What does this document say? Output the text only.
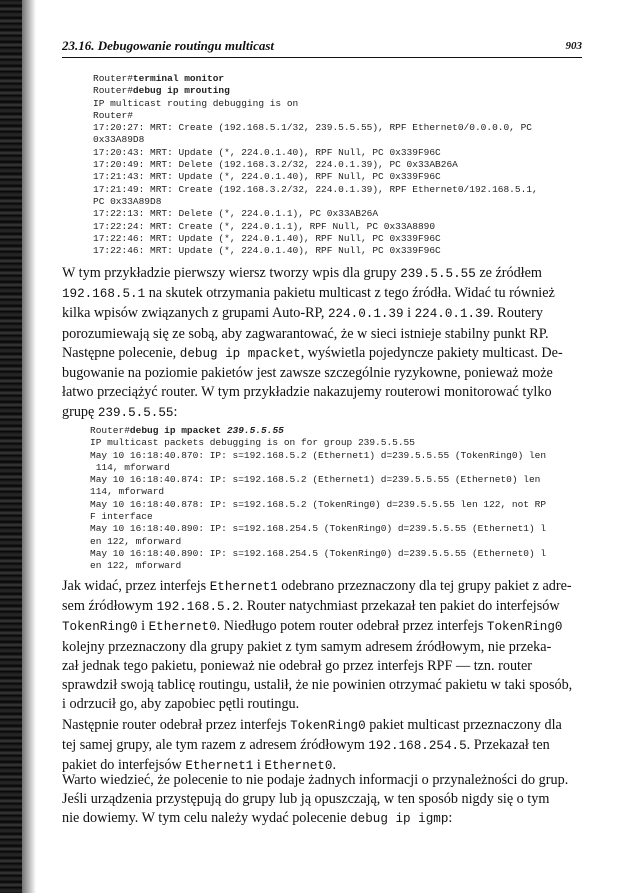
23.16. Debugowanie routingu multicast	903
Router#terminal monitor
Router#debug ip mrouting
IP multicast routing debugging is on
Router#
17:20:27: MRT: Create (192.168.5.1/32, 239.5.5.55), RPF Ethernet0/0.0.0.0, PC
0x33A89D8
17:20:43: MRT: Update (*, 224.0.1.40), RPF Null, PC 0x339F96C
17:20:49: MRT: Delete (192.168.3.2/32, 224.0.1.39), PC 0x33AB26A
17:21:43: MRT: Update (*, 224.0.1.40), RPF Null, PC 0x339F96C
17:21:49: MRT: Create (192.168.3.2/32, 224.0.1.39), RPF Ethernet0/192.168.5.1,
PC 0x33A89D8
17:22:13: MRT: Delete (*, 224.0.1.1), PC 0x33AB26A
17:22:24: MRT: Create (*, 224.0.1.1), RPF Null, PC 0x33A8890
17:22:46: MRT: Update (*, 224.0.1.40), RPF Null, PC 0x339F96C
17:22:46: MRT: Update (*, 224.0.1.40), RPF Null, PC 0x339F96C
W tym przykładzie pierwszy wiersz tworzy wpis dla grupy 239.5.5.55 ze źródłem
192.168.5.1 na skutek otrzymania pakietu multicast z tego źródła. Widać tu również
kilka wpisów związanych z grupami Auto-RP, 224.0.1.39 i 224.0.1.39. Routery
porozumiewają się ze sobą, aby zagwarantować, że w sieci istnieje stabilny punkt RP.
Następne polecenie, debug ip mpacket, wyświetla pojedyncze pakiety multicast. De-
bugowanie na poziomie pakietów jest zawsze szczególnie ryzykowne, ponieważ może
łatwo przeciążyć router. W tym przykładzie nakazujemy routerowi monitorować tylko
grupę 239.5.5.55:
Router#debug ip mpacket 239.5.5.55
IP multicast packets debugging is on for group 239.5.5.55
May 10 16:18:40.870: IP: s=192.168.5.2 (Ethernet1) d=239.5.5.55 (TokenRing0) len
114, mforward
May 10 16:18:40.874: IP: s=192.168.5.2 (Ethernet1) d=239.5.5.55 (Ethernet0) len
114, mforward
May 10 16:18:40.878: IP: s=192.168.5.2 (TokenRing0) d=239.5.5.55 len 122, not RP
F interface
May 10 16:18:40.890: IP: s=192.168.254.5 (TokenRing0) d=239.5.5.55 (Ethernet1) l
en 122, mforward
May 10 16:18:40.890: IP: s=192.168.254.5 (TokenRing0) d=239.5.5.55 (Ethernet0) l
en 122, mforward
Jak widać, przez interfejs Ethernet1 odebrano przeznaczony dla tej grupy pakiet z adre-
sem źródłowym 192.168.5.2. Router natychmiast przekazał ten pakiet do interfejsów
TokenRing0 i Ethernet0. Niedługo potem router odebrał przez interfejs TokenRing0
kolejny przeznaczony dla grupy pakiet z tym samym adresem źródłowym, nie przeka-
zał jednak tego pakietu, ponieważ nie odebrał go przez interfejs RPF — tzn. router
sprawdził swoją tablicę routingu, ustalił, że nie powinien otrzymać pakietu w taki sposób,
i odrzucił go, aby zapobiec pętli routingu.
Następnie router odebrał przez interfejs TokenRing0 pakiet multicast przeznaczony dla
tej samej grupy, ale tym razem z adresem źródłowym 192.168.254.5. Przekazał ten
pakiet do interfejsów Ethernet1 i Ethernet0.
Warto wiedzieć, że polecenie to nie podaje żadnych informacji o przynależności do grup.
Jeśli urządzenia przystępują do grupy lub ją opuszczają, w ten sposób nigdy się o tym
nie dowiemy. W tym celu należy wydać polecenie debug ip igmp:
